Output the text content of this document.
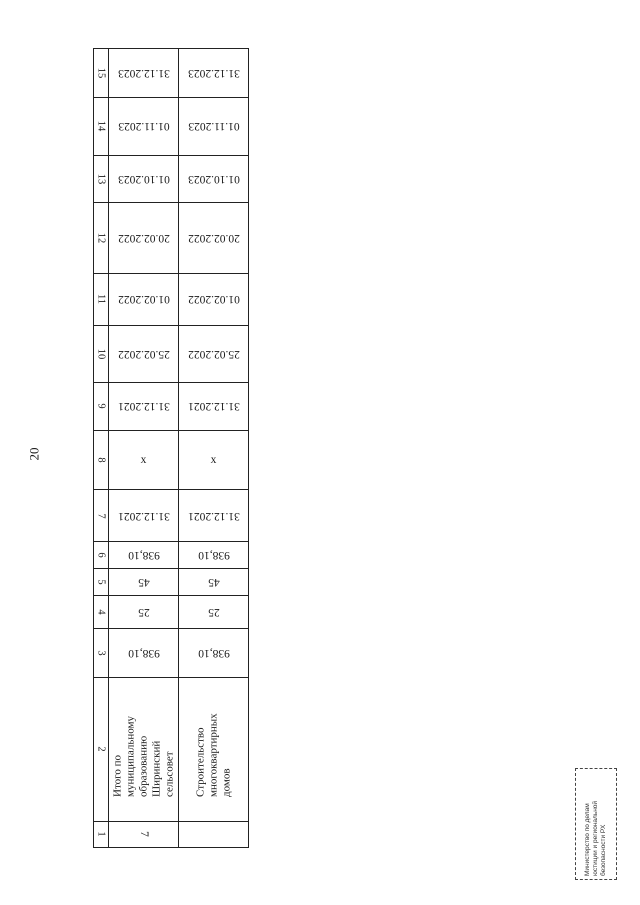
20
15	31.12.2023	31.12.2023

14	01.11.2023	01.11.2023

13	01.10.2023	01.10.2023

12	20.02.2022	20.02.2022

11	01.02.2022	01.02.2022

10	25.02.2022	25.02.2022

9	31.12.2021	31.12.2021

8	x	x

7	31.12.2021	31.12.2021

6	938,10	938,10

5	45	45

4	25	25

3	938,10	938,10

2	Итого по муниципальному образованию Ширинский сельсовет	Строительство многоквартирных домов

1	7	
		Министерство по делам юстиции и региональной безопасности РХ
